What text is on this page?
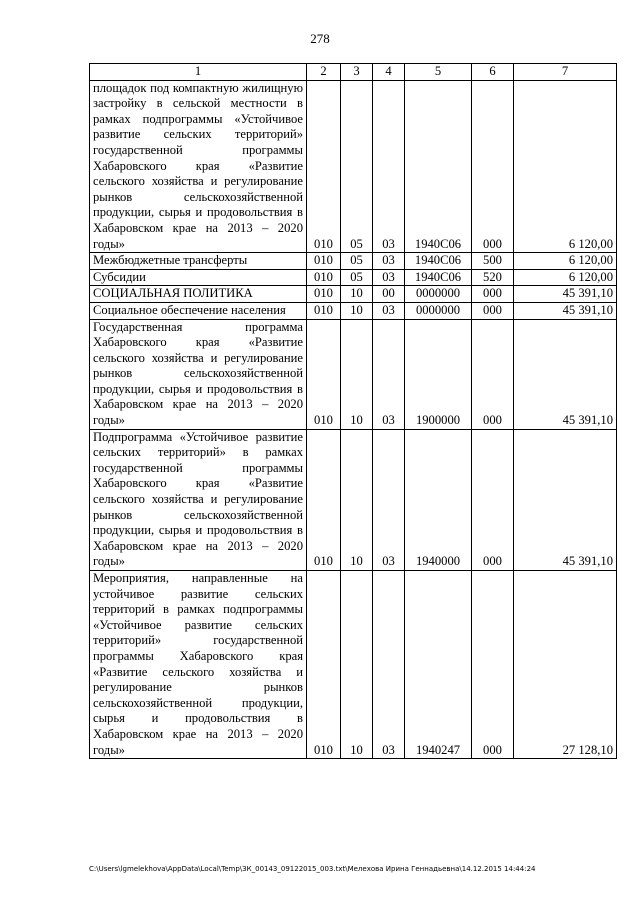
278
1	2	3	4	5	6	7
площадок под компактную жилищную застройку в сельской местности в рамках подпрограммы «Устойчивое развитие сельских территорий» государственной программы Хабаровского края «Развитие сельского хозяйства и регулирование рынков сельскохозяйственной продукции, сырья и продовольствия в Хабаровском крае на 2013 – 2020 годы»	010	05	03	1940С06	000	6 120,00
Межбюджетные трансферты	010	05	03	1940С06	500	6 120,00
Субсидии	010	05	03	1940С06	520	6 120,00
СОЦИАЛЬНАЯ ПОЛИТИКА	010	10	00	0000000	000	45 391,10
Социальное обеспечение населения	010	10	03	0000000	000	45 391,10
Государственная программа Хабаровского края «Развитие сельского хозяйства и регулирование рынков сельскохозяйственной продукции, сырья и продовольствия в Хабаровском крае на 2013 – 2020 годы»	010	10	03	1900000	000	45 391,10
Подпрограмма «Устойчивое развитие сельских территорий» в рамках государственной программы Хабаровского края «Развитие сельского хозяйства и регулирование рынков сельскохозяйственной продукции, сырья и продовольствия в Хабаровском крае на 2013 – 2020 годы»	010	10	03	1940000	000	45 391,10
Мероприятия, направленные на устойчивое развитие сельских территорий в рамках подпрограммы «Устойчивое развитие сельских территорий» государственной программы Хабаровского края «Развитие сельского хозяйства и регулирование рынков сельскохозяйственной продукции, сырья и продовольствия в Хабаровском крае на 2013 – 2020 годы»	010	10	03	1940247	000	27 128,10
C:\Users\lgmelekhova\AppData\Local\Temp\ЗК_00143_09122015_003.txt\Мелехова Ирина Геннадьевна\14.12.2015 14:44:24
